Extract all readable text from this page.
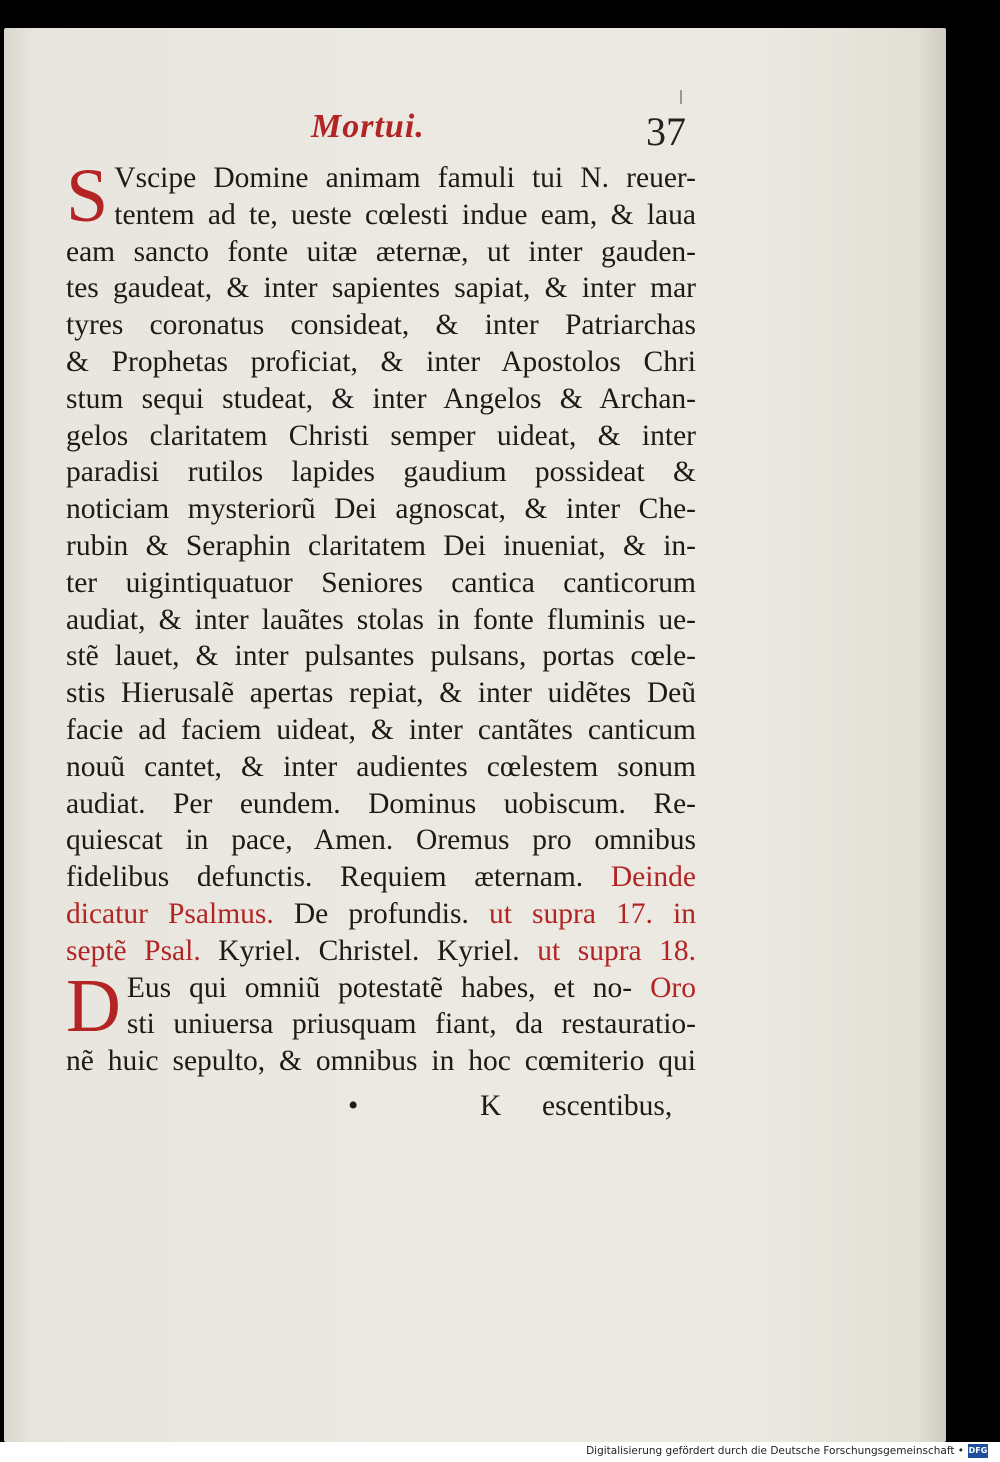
Mortui.	37
S Vscipe Domine animam famuli tui N. reuer-
tentem ad te, ueste cœlesti indue eam, & laua
eam sancto fonte uitæ æternæ, ut inter gauden-
tes gaudeat, & inter sapientes sapiat, & inter mar
tyres coronatus consideat, & inter Patriarchas
& Prophetas proficiat, & inter Apostolos Chri
stum sequi studeat, & inter Angelos & Archan-
gelos claritatem Christi semper uideat, & inter
paradisi rutilos lapides gaudium possideat &
noticiam mysteriorũ Dei agnoscat, & inter Che-
rubin & Seraphin claritatem Dei inueniat, & in-
ter uigintiquatuor Seniores cantica canticorum
audiat, & inter lauãtes stolas in fonte fluminis ue-
stẽ lauet, & inter pulsantes pulsans, portas cœle-
stis Hierusalẽ apertas repiat, & inter uidẽtes Deũ
facie ad faciem uideat, & inter cantãtes canticum
nouũ cantet, & inter audientes cœlestem sonum
audiat. Per eundem. Dominus uobiscum. Re-
quiescat in pace, Amen. Oremus pro omnibus
fidelibus defunctis. Requiem æternam. Deinde
dicatur Psalmus. De profundis. ut supra 17. in
septẽ Psal. Kyriel. Christel. Kyriel. ut supra 18.
D Eus qui omniũ potestatẽ habes, et no- Oro
sti uniuersa priusquam fiant, da restauratio-
nẽ huic sepulto, & omnibus in hoc cœmiterio qui
•	K escentibus,
Digitalisierung gefördert durch die Deutsche Forschungsgemeinschaft • DFG
